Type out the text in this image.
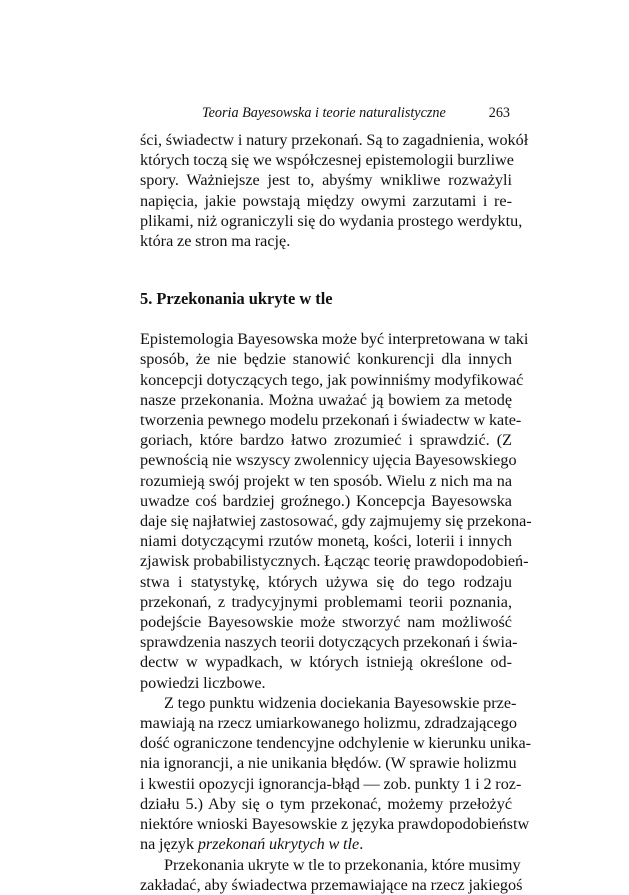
Teoria Bayesowska i teorie naturalistyczne	263
ści, świadectw i natury przekonań. Są to zagadnienia, wokół
których toczą się we współczesnej epistemologii burzliwe
spory. Ważniejsze jest to, abyśmy wnikliwe rozważyli
napięcia, jakie powstają między owymi zarzutami i re-
plikami, niż ograniczyli się do wydania prostego werdyktu,
która ze stron ma rację.
5. Przekonania ukryte w tle
Epistemologia Bayesowska może być interpretowana w taki
sposób, że nie będzie stanowić konkurencji dla innych
koncepcji dotyczących tego, jak powinniśmy modyfikować
nasze przekonania. Można uważać ją bowiem za metodę
tworzenia pewnego modelu przekonań i świadectw w kate-
goriach, które bardzo łatwo zrozumieć i sprawdzić. (Z
pewnością nie wszyscy zwolennicy ujęcia Bayesowskiego
rozumieją swój projekt w ten sposób. Wielu z nich ma na
uwadze coś bardziej groźnego.) Koncepcja Bayesowska
daje się najłatwiej zastosować, gdy zajmujemy się przekona-
niami dotyczącymi rzutów monetą, kości, loterii i innych
zjawisk probabilistycznych. Łącząc teorię prawdopodobień-
stwa i statystykę, których używa się do tego rodzaju
przekonań, z tradycyjnymi problemami teorii poznania,
podejście Bayesowskie może stworzyć nam możliwość
sprawdzenia naszych teorii dotyczących przekonań i świa-
dectw w wypadkach, w których istnieją określone od-
powiedzi liczbowe.
Z tego punktu widzenia dociekania Bayesowskie prze-
mawiają na rzecz umiarkowanego holizmu, zdradzającego
dość ograniczone tendencyjne odchylenie w kierunku unika-
nia ignorancji, a nie unikania błędów. (W sprawie holizmu
i kwestii opozycji ignorancja-błąd — zob. punkty 1 i 2 roz-
działu 5.) Aby się o tym przekonać, możemy przełożyć
niektóre wnioski Bayesowskie z języka prawdopodobieństw
na język przekonań ukrytych w tle.
Przekonania ukryte w tle to przekonania, które musimy
zakładać, aby świadectwa przemawiające na rzecz jakiegoś
